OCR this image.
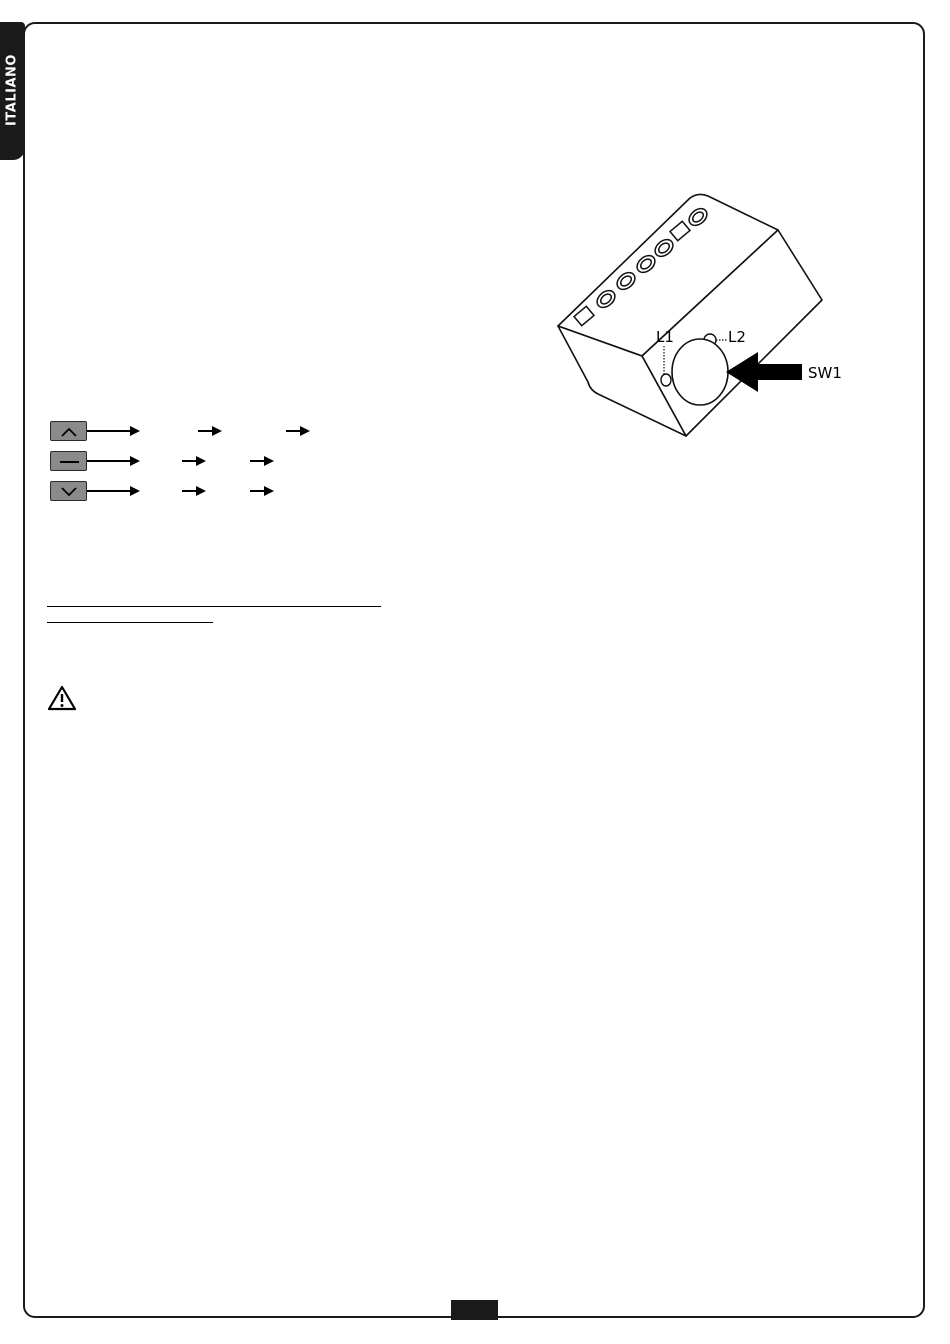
ITALIANO
L1	L2
SW1
